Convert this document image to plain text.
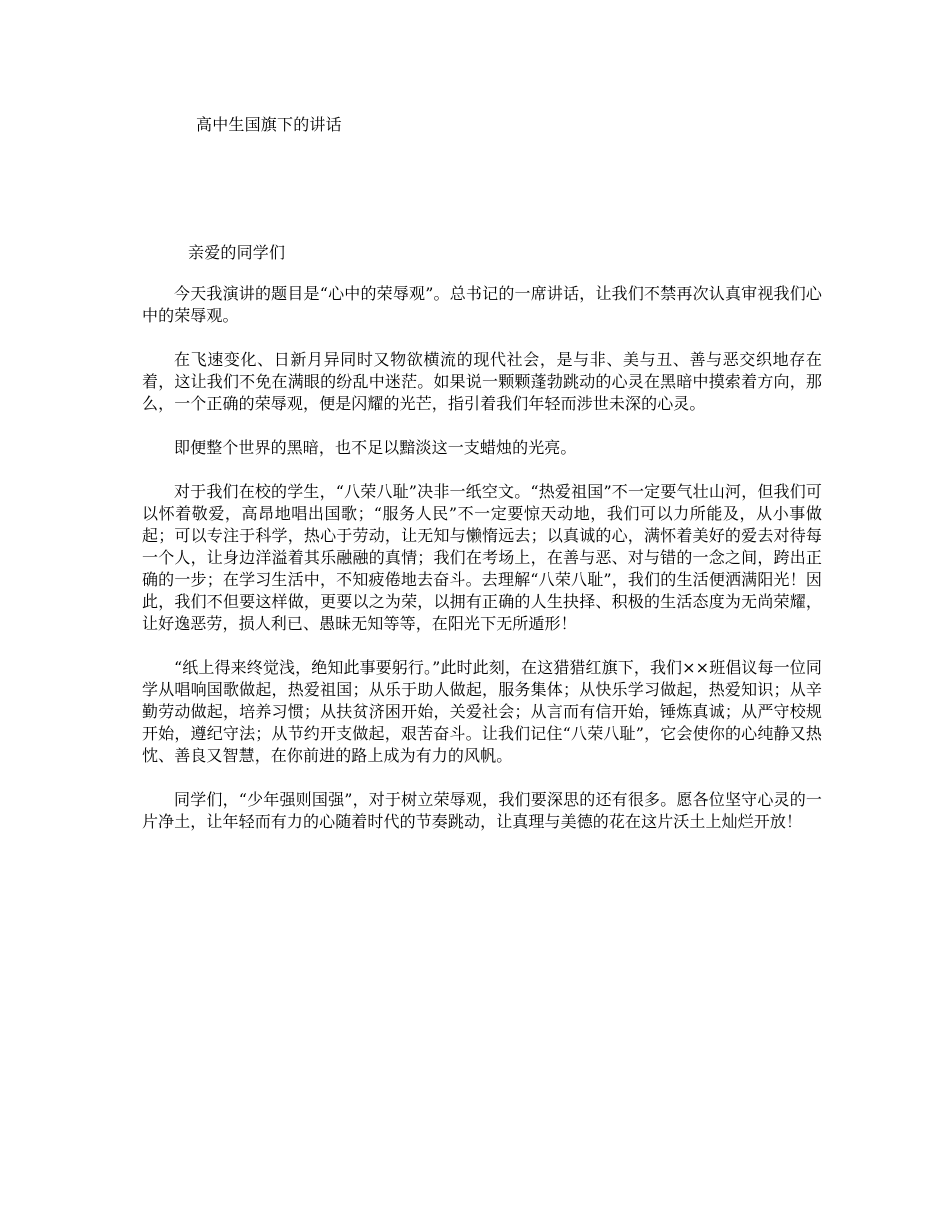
高中生国旗下的讲话
亲爱的同学们

今天我演讲的题目是“心中的荣辱观”。总书记的一席讲话，让我们不禁再次认真审视我们心中的荣辱观。

在飞速变化、日新月异同时又物欲横流的现代社会，是与非、美与丑、善与恶交织地存在着，这让我们不免在满眼的纷乱中迷茫。如果说一颗颗蓬勃跳动的心灵在黑暗中摸索着方向，那么，一个正确的荣辱观，便是闪耀的光芒，指引着我们年轻而涉世未深的心灵。

即便整个世界的黑暗，也不足以黯淡这一支蜡烛的光亮。

对于我们在校的学生，“八荣八耻”决非一纸空文。“热爱祖国”不一定要气壮山河，但我们可以怀着敬爱，高昂地唱出国歌；“服务人民”不一定要惊天动地，我们可以力所能及，从小事做起；可以专注于科学，热心于劳动，让无知与懒惰远去；以真诚的心，满怀着美好的爱去对待每一个人，让身边洋溢着其乐融融的真情；我们在考场上，在善与恶、对与错的一念之间，跨出正确的一步；在学习生活中，不知疲倦地去奋斗。去理解“八荣八耻”，我们的生活便洒满阳光！因此，我们不但要这样做，更要以之为荣，以拥有正确的人生抉择、积极的生活态度为无尚荣耀，让好逸恶劳，损人利已、愚昧无知等等，在阳光下无所遁形！

“纸上得来终觉浅，绝知此事要躬行。”此时此刻，在这猎猎红旗下，我们××班倡议每一位同学从唱响国歌做起，热爱祖国；从乐于助人做起，服务集体；从快乐学习做起，热爱知识；从辛勤劳动做起，培养习惯；从扶贫济困开始，关爱社会；从言而有信开始，锤炼真诚；从严守校规开始，遵纪守法；从节约开支做起，艰苦奋斗。让我们记住“八荣八耻”，它会使你的心纯静又热忱、善良又智慧，在你前进的路上成为有力的风帆。

同学们，“少年强则国强”，对于树立荣辱观，我们要深思的还有很多。愿各位坚守心灵的一片净土，让年轻而有力的心随着时代的节奏跳动，让真理与美德的花在这片沃土上灿烂开放！
